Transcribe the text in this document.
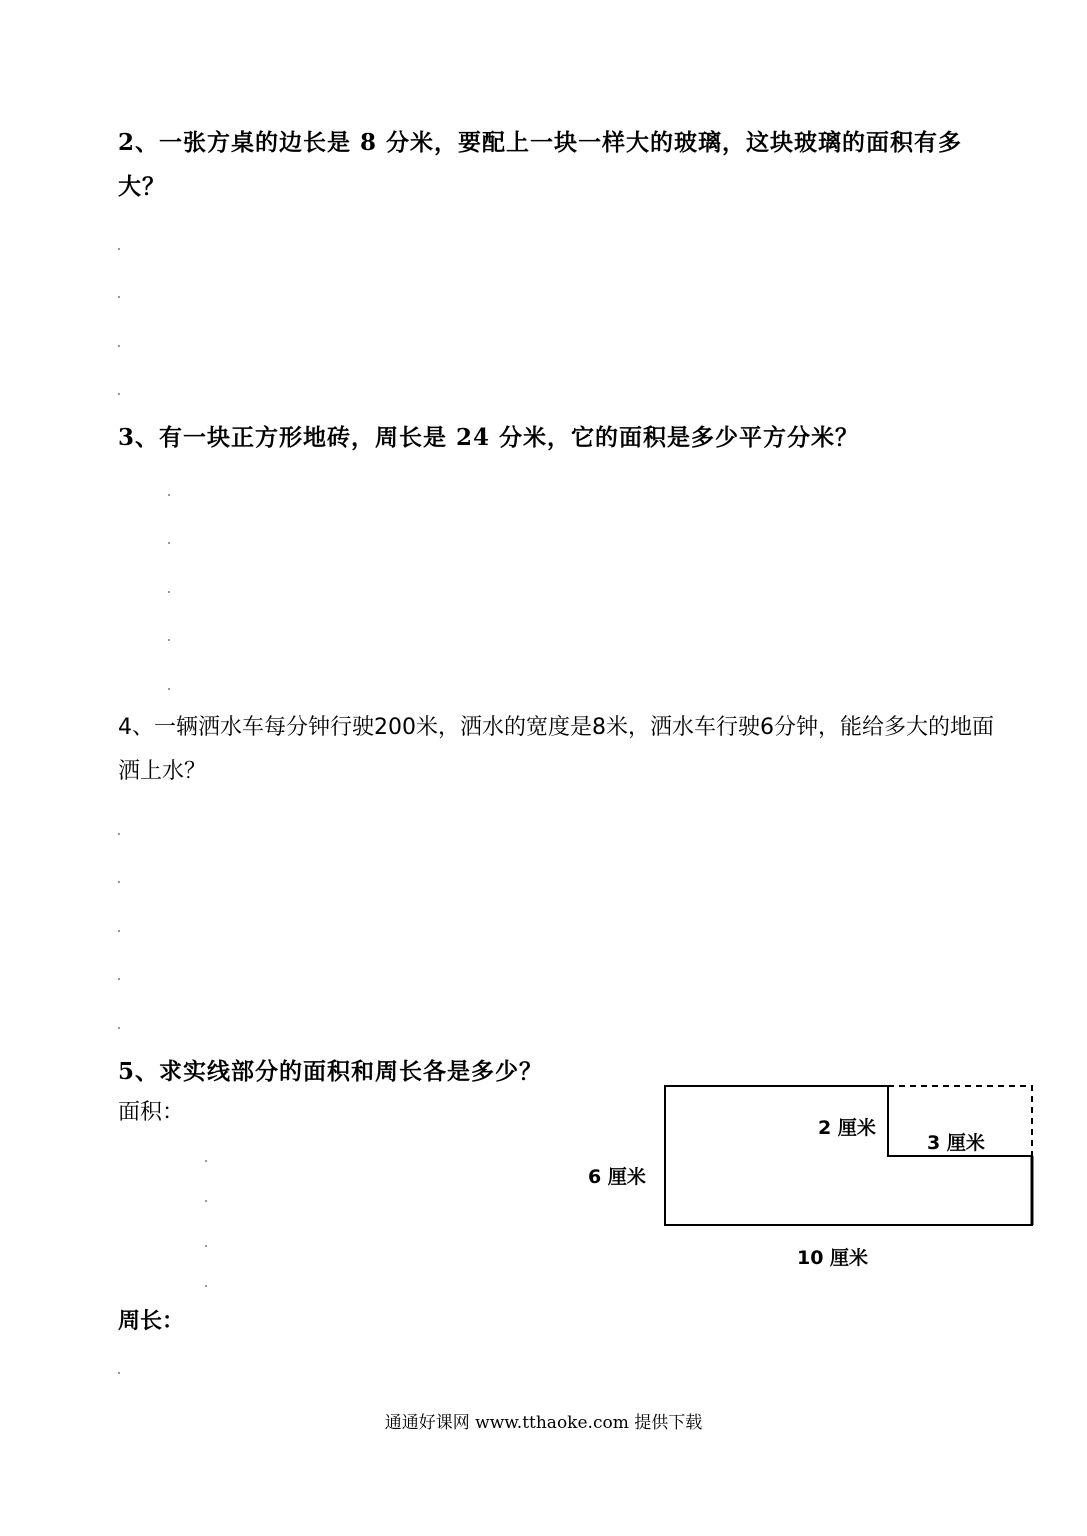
2、一张方桌的边长是 8 分米，要配上一块一样大的玻璃，这块玻璃的面积有多大？

3、有一块正方形地砖，周长是 24 分米，它的面积是多少平方分米？

4、一辆洒水车每分钟行驶200米，洒水的宽度是8米，洒水车行驶6分钟，能给多大的地面洒上水？

5、求实线部分的面积和周长各是多少？

面积：

周长：

2 厘米
3 厘米
6 厘米
10 厘米
通通好课网 www.tthaoke.com 提供下载
